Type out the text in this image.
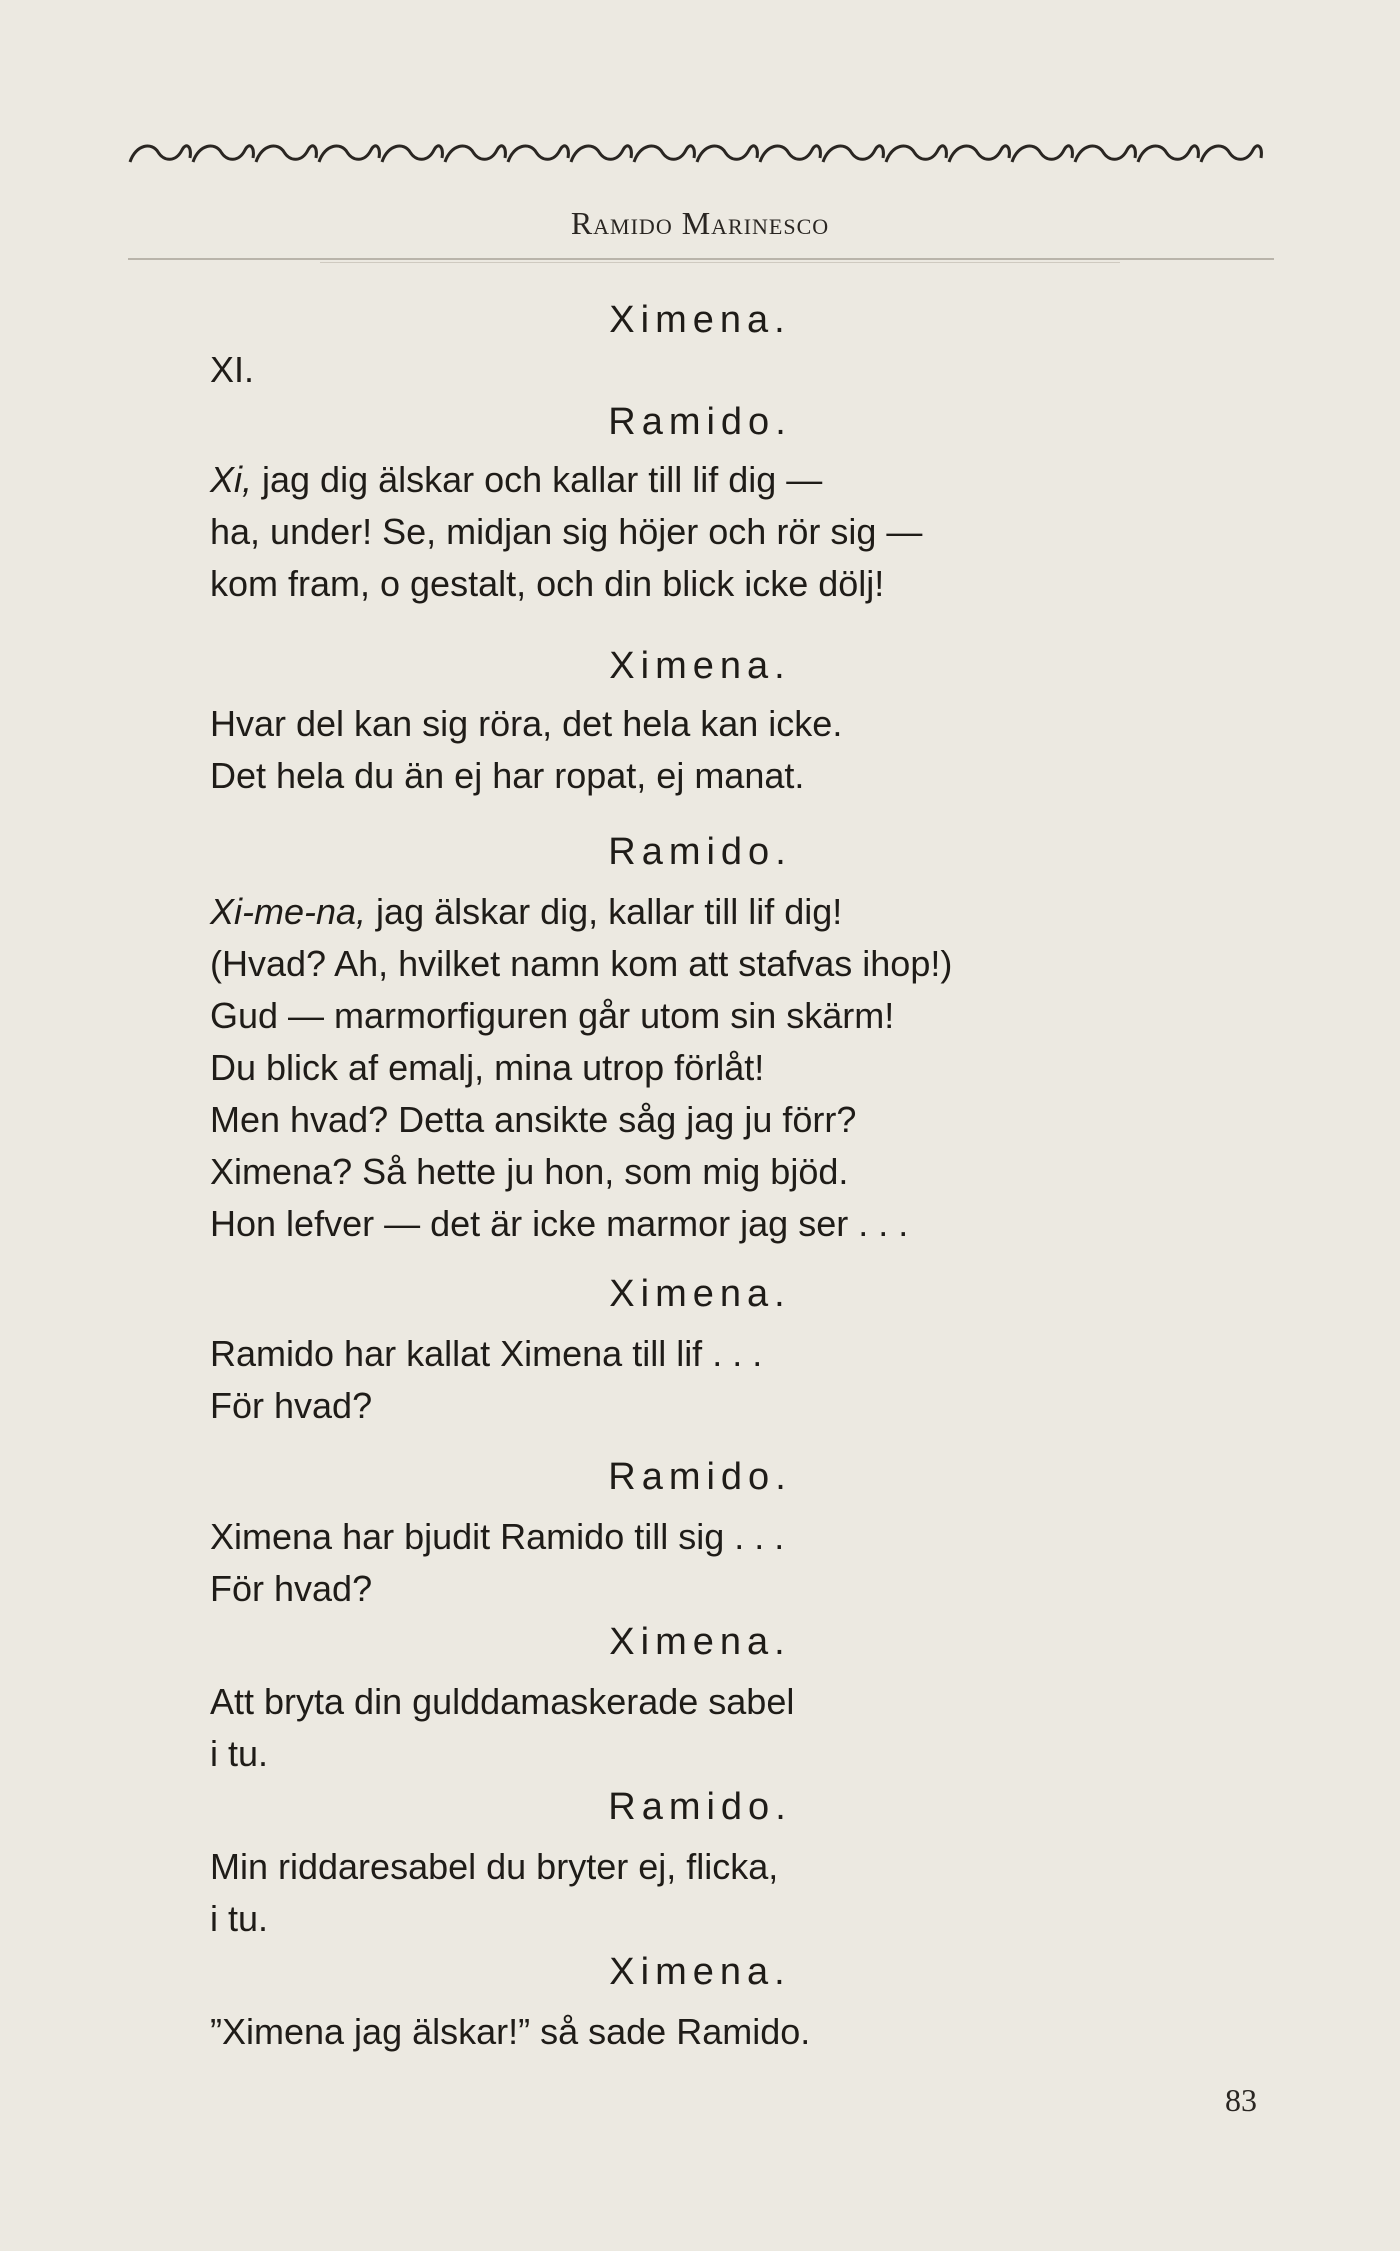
Ramido Marinesco
XI.
Ximena.
Ramido.
Ximena.
Ramido.
Ximena.
Ramido.
Ximena.
Ramido.
Ximena.
Xi, jag dig älskar och kallar till lif dig —
ha, under! Se, midjan sig höjer och rör sig —
kom fram, o gestalt, och din blick icke dölj!
Hvar del kan sig röra, det hela kan icke.
Det hela du än ej har ropat, ej manat.
Xi-me-na, jag älskar dig, kallar till lif dig!
(Hvad? Ah, hvilket namn kom att stafvas ihop!)
Gud — marmorfiguren går utom sin skärm!
Du blick af emalj, mina utrop förlåt!
Men hvad? Detta ansikte såg jag ju förr?
Ximena? Så hette ju hon, som mig bjöd.
Hon lefver — det är icke marmor jag ser . . .
Ramido har kallat Ximena till lif . . .
För hvad?
Ximena har bjudit Ramido till sig . . .
För hvad?
Att bryta din gulddamaskerade sabel
i tu.
Min riddaresabel du bryter ej, flicka,
i tu.
”Ximena jag älskar!” så sade Ramido.
83
